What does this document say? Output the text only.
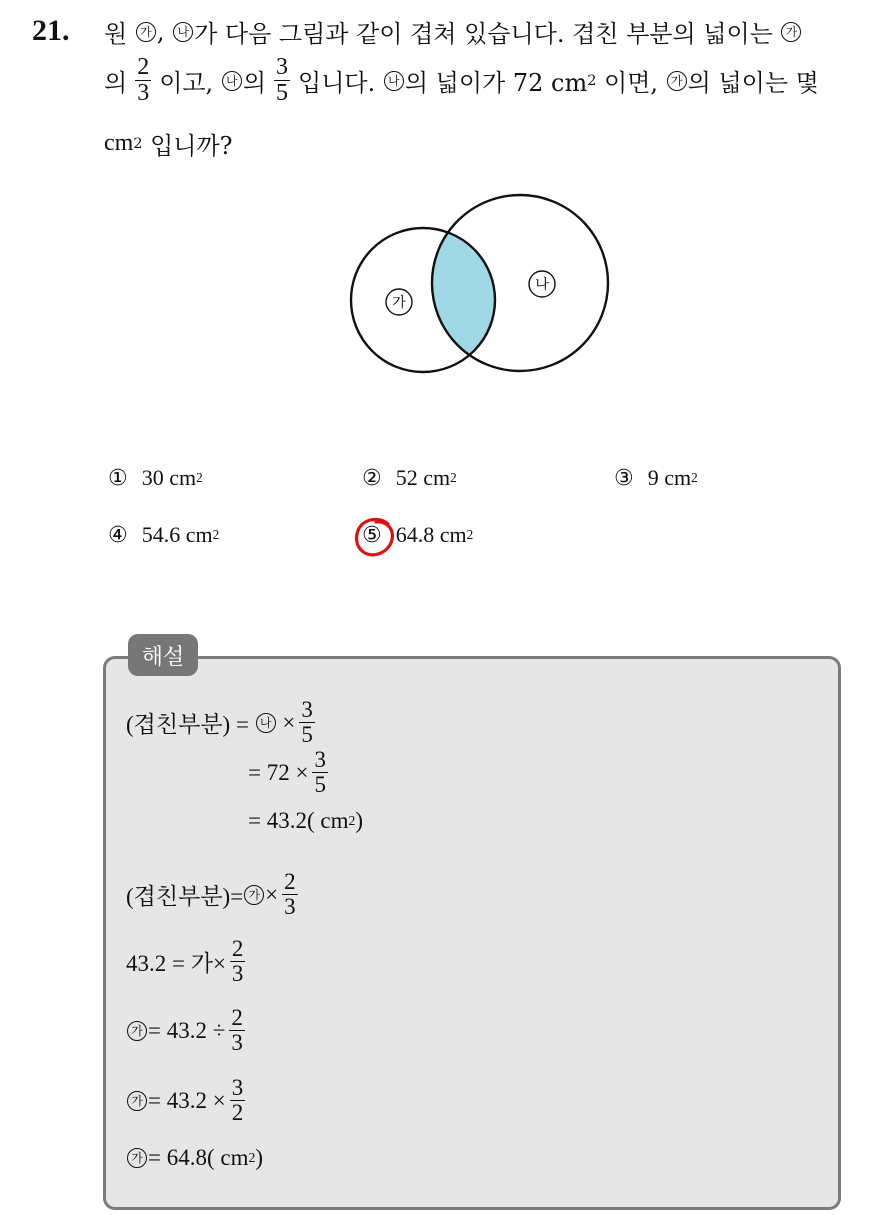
21. 원
	가 ,
	나 가 다음 그림과 같이 겹쳐 있습니다. 겹친 부분의 넓이는
	가
의 $\frac{2}{3}$ 이고,
	나 의 $\frac{3}{5}$ 입니다.
	나 의 넓이가 72 cm 2
이면,
	가 의 넓이는 몇
cm 2
입니까?
가
나
① 30 cm 2	② 52 cm 2	③ 9 cm 2
④ 54.6 cm 2	⑤ 64.8 cm 2
해설
(겹친부분) =
나
× $\frac{3}{5}$
= $72 \times \frac{3}{5}$
= 43.2( cm 2 )
(겹친부분)= 가 × $\frac{2}{3}$
43.2 = 가× $\frac{2}{3}$
가 = $43.2 \div \frac{2}{3}$
가 = $43.2 \times \frac{3}{2}$
가 = 64.8( cm 2 )
